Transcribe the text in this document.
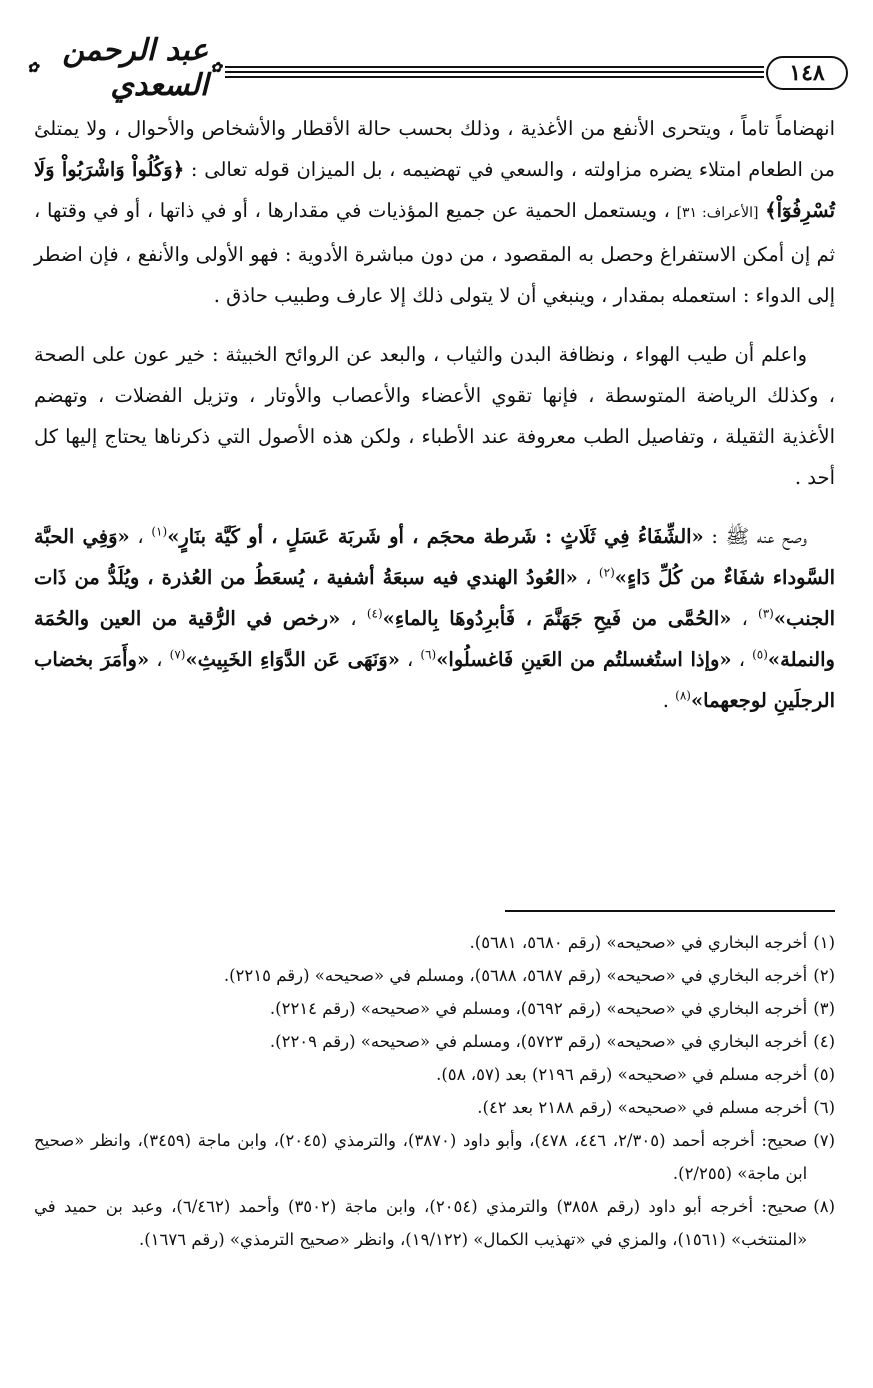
١٤٨
✿
عبد الرحمن السعدي
✿

انهضاماً تاماً ، ويتحرى الأنفع من الأغذية ، وذلك بحسب حالة الأقطار والأشخاص والأحوال ، ولا يمتلئ من الطعام امتلاء يضره مزاولته ، والسعي في تهضيمه ، بل الميزان قوله تعالى : ﴿وَكُلُواْ وَاشْرَبُواْ وَلَا تُسْرِفُوٓاْ﴾ [الأعراف: ٣١] ، ويستعمل الحمية عن جميع المؤذيات في مقدارها ، أو في ذاتها ، أو في وقتها ، ثم إن أمكن الاستفراغ وحصل به المقصود ، من دون مباشرة الأدوية : فهو الأولى والأنفع ، فإن اضطر إلى الدواء : استعمله بمقدار ، وينبغي أن لا يتولى ذلك إلا عارف وطبيب حاذق .

واعلم أن طيب الهواء ، ونظافة البدن والثياب ، والبعد عن الروائح الخبيثة : خير عون على الصحة ، وكذلك الرياضة المتوسطة ، فإنها تقوي الأعضاء والأعصاب والأوتار ، وتزيل الفضلات ، وتهضم الأغذية الثقيلة ، وتفاصيل الطب معروفة عند الأطباء ، ولكن هذه الأصول التي ذكرناها يحتاج إليها كل أحد .

وصح عنه ﷺ : «الشِّفَاءُ فِي ثَلَاثٍ : شَرطة محجَم ، أو شَربَة عَسَلٍ ، أو كَيَّة بنَارٍ»$^{(١)}$ ، «وَفِي الحبَّة السَّوداء شفَاءٌ من كُلِّ دَاءٍ»$^{(٢)}$ ، «العُودُ الهندي فيه سبعَةُ أشفية ، يُسعَطُ من العُذرة ، ويُلَدُّ من ذَات الجنب»$^{(٣)}$ ، «الحُمَّى من فَيحِ جَهَنَّمَ ، فَأبرِدُوهَا بِالماءِ»$^{(٤)}$ ، «رخص في الرُّقية من العين والحُمَة والنملة»$^{(٥)}$ ، «وإذا استُغسلتُم من العَينِ فَاغسلُوا»$^{(٦)}$ ، «وَنَهَى عَن الدَّوَاءِ الخَبِيثِ»$^{(٧)}$ ، «وأَمَرَ بخضاب الرجلَينِ لوجعهما»$^{(٨)}$ .

(١)
أخرجه البخاري في «صحيحه» (رقم ٥٦٨٠، ٥٦٨١).
(٢)
أخرجه البخاري في «صحيحه» (رقم ٥٦٨٧، ٥٦٨٨)، ومسلم في «صحيحه» (رقم ٢٢١٥).
(٣)
أخرجه البخاري في «صحيحه» (رقم ٥٦٩٢)، ومسلم في «صحيحه» (رقم ٢٢١٤).
(٤)
أخرجه البخاري في «صحيحه» (رقم ٥٧٢٣)، ومسلم في «صحيحه» (رقم ٢٢٠٩).
(٥)
أخرجه مسلم في «صحيحه» (رقم ٢١٩٦) بعد (٥٧، ٥٨).
(٦)
أخرجه مسلم في «صحيحه» (رقم ٢١٨٨ بعد ٤٢).
(٧)
صحيح: أخرجه أحمد (٢/٣٠٥، ٤٤٦، ٤٧٨)، وأبو داود (٣٨٧٠)، والترمذي (٢٠٤٥)، وابن ماجة (٣٤٥٩)، وانظر «صحيح ابن ماجة» (٢/٢٥٥).
(٨)
صحيح: أخرجه أبو داود (رقم ٣٨٥٨) والترمذي (٢٠٥٤)، وابن ماجة (٣٥٠٢) وأحمد (٦/٤٦٢)، وعبد بن حميد في «المنتخب» (١٥٦١)، والمزي في «تهذيب الكمال» (١٩/١٢٢)، وانظر «صحيح الترمذي» (رقم ١٦٧٦).
